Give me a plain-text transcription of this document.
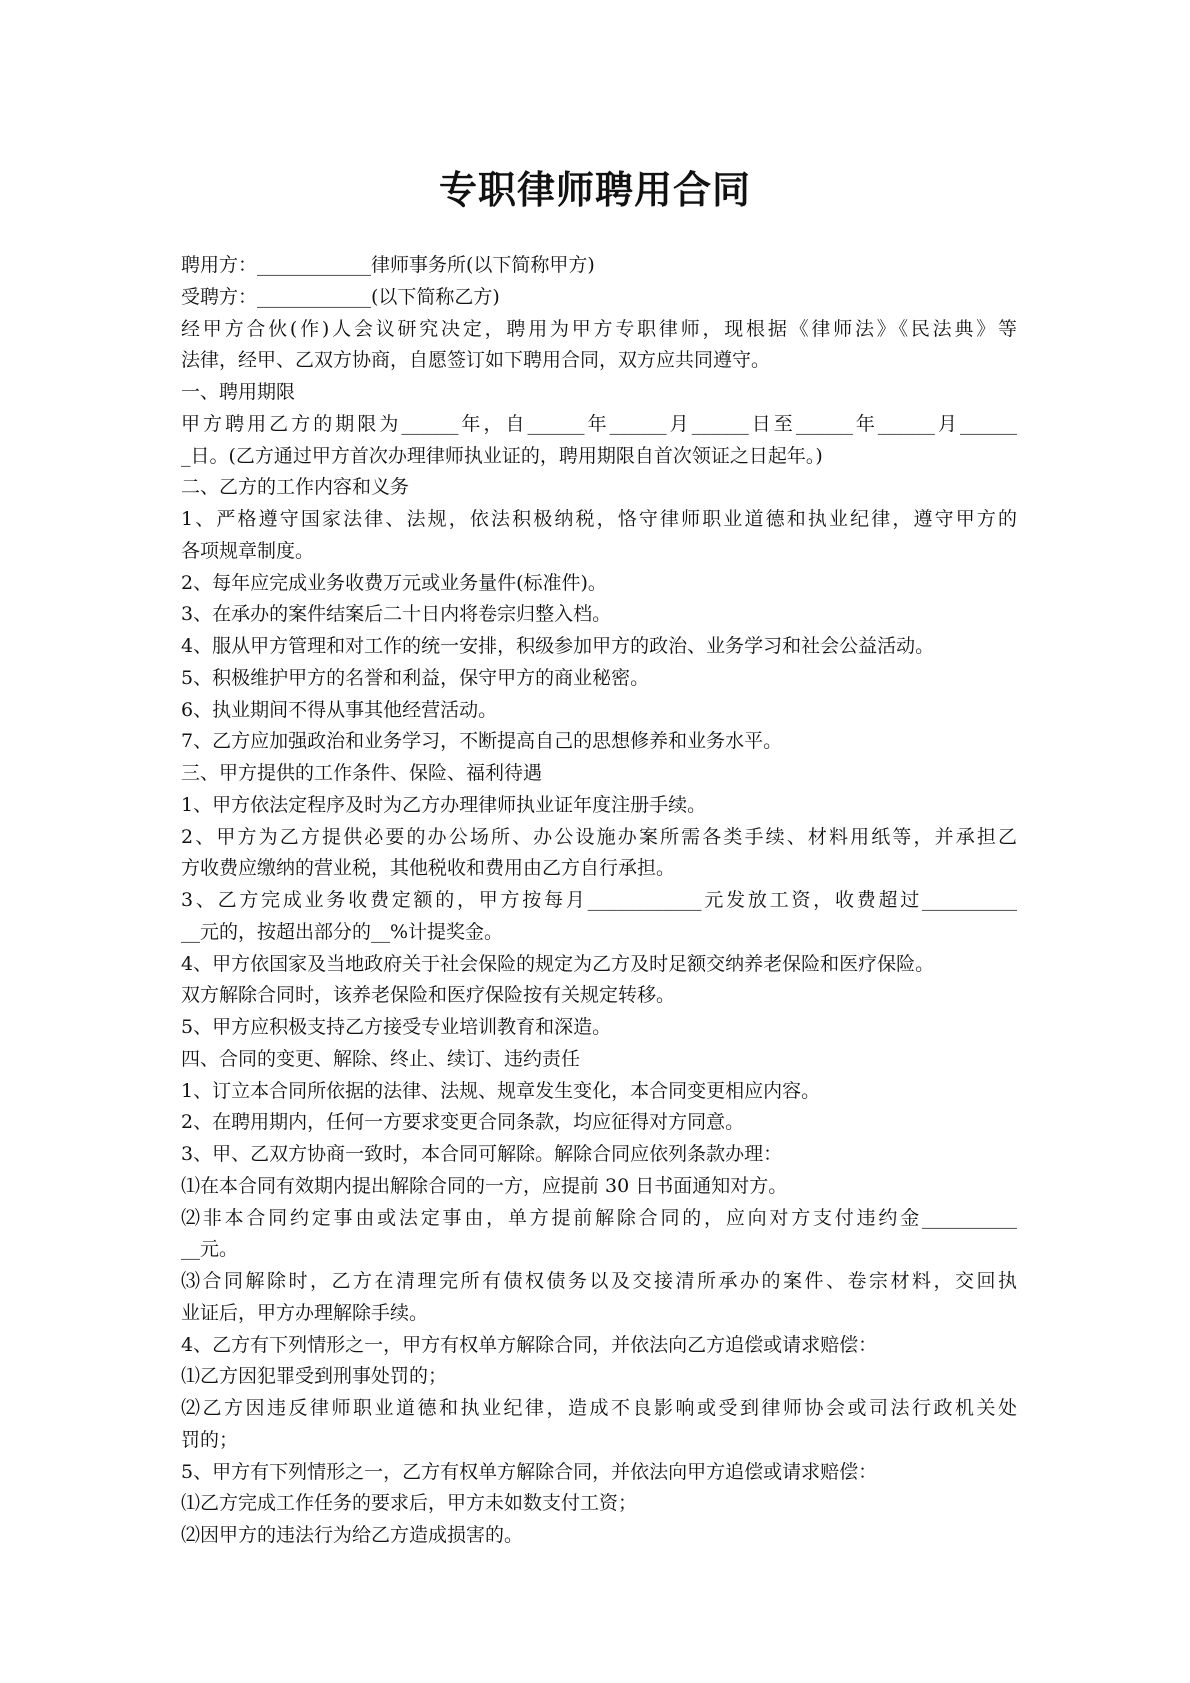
专职律师聘用合同
聘用方：____________律师事务所(以下简称甲方)
受聘方：____________(以下简称乙方)
经甲方合伙(作)人会议研究决定，聘用为甲方专职律师，现根据《律师法》《民法典》等
法律，经甲、乙双方协商，自愿签订如下聘用合同，双方应共同遵守。
一、聘用期限
甲方聘用乙方的期限为______年，自______年______月______日至______年______月______
_日。(乙方通过甲方首次办理律师执业证的，聘用期限自首次领证之日起年。)
二、乙方的工作内容和义务
1、严格遵守国家法律、法规，依法积极纳税，恪守律师职业道德和执业纪律，遵守甲方的
各项规章制度。
2、每年应完成业务收费万元或业务量件(标准件)。
3、在承办的案件结案后二十日内将卷宗归整入档。
4、服从甲方管理和对工作的统一安排，积级参加甲方的政治、业务学习和社会公益活动。
5、积极维护甲方的名誉和利益，保守甲方的商业秘密。
6、执业期间不得从事其他经营活动。
7、乙方应加强政治和业务学习，不断提高自己的思想修养和业务水平。
三、甲方提供的工作条件、保险、福利待遇
1、甲方依法定程序及时为乙方办理律师执业证年度注册手续。
2、甲方为乙方提供必要的办公场所、办公设施办案所需各类手续、材料用纸等，并承担乙
方收费应缴纳的营业税，其他税收和费用由乙方自行承担。
3、乙方完成业务收费定额的，甲方按每月____________元发放工资，收费超过__________
__元的，按超出部分的__%计提奖金。
4、甲方依国家及当地政府关于社会保险的规定为乙方及时足额交纳养老保险和医疗保险。
双方解除合同时，该养老保险和医疗保险按有关规定转移。
5、甲方应积极支持乙方接受专业培训教育和深造。
四、合同的变更、解除、终止、续订、违约责任
1、订立本合同所依据的法律、法规、规章发生变化，本合同变更相应内容。
2、在聘用期内，任何一方要求变更合同条款，均应征得对方同意。
3、甲、乙双方协商一致时，本合同可解除。解除合同应依列条款办理：
⑴在本合同有效期内提出解除合同的一方，应提前 30 日书面通知对方。
⑵非本合同约定事由或法定事由，单方提前解除合同的，应向对方支付违约金__________
__元。
⑶合同解除时，乙方在清理完所有债权债务以及交接清所承办的案件、卷宗材料，交回执
业证后，甲方办理解除手续。
4、乙方有下列情形之一，甲方有权单方解除合同，并依法向乙方追偿或请求赔偿：
⑴乙方因犯罪受到刑事处罚的；
⑵乙方因违反律师职业道德和执业纪律，造成不良影响或受到律师协会或司法行政机关处
罚的；
5、甲方有下列情形之一，乙方有权单方解除合同，并依法向甲方追偿或请求赔偿：
⑴乙方完成工作任务的要求后，甲方未如数支付工资；
⑵因甲方的违法行为给乙方造成损害的。
